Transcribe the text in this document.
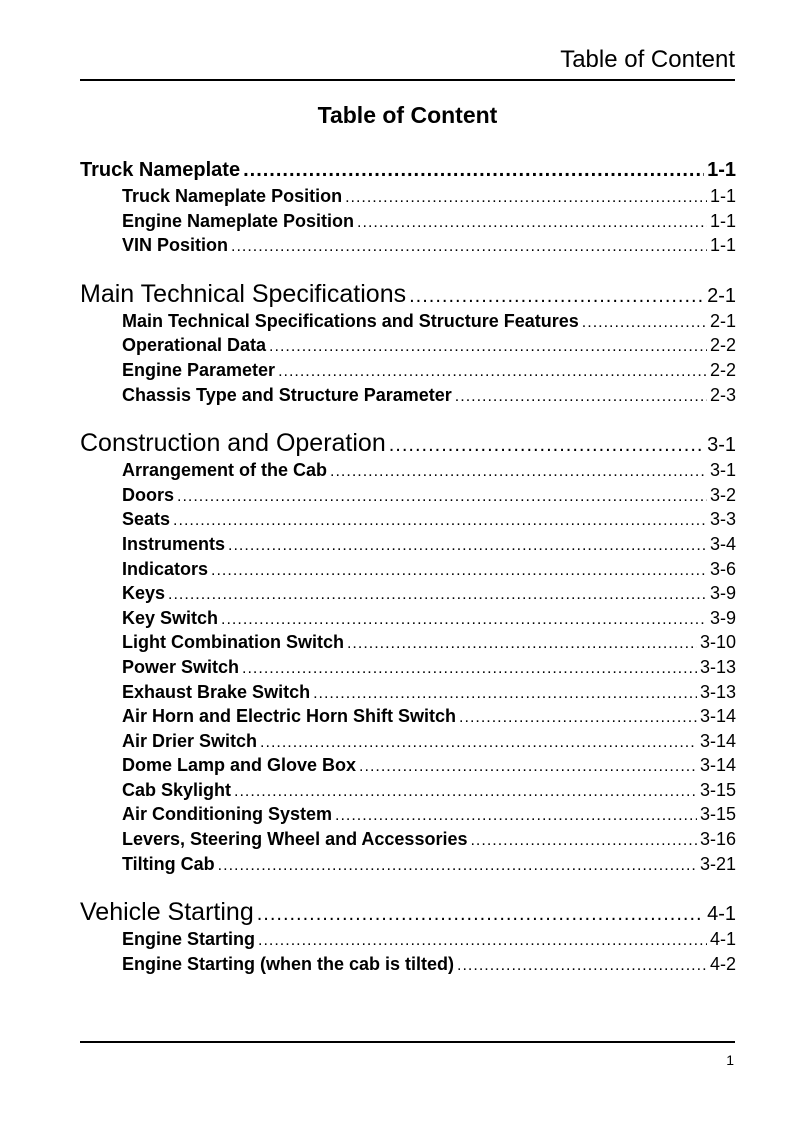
Table of Content
Table of Content
Truck Nameplate .....	1-1
Truck Nameplate Position .....	1-1
Engine Nameplate Position .....	1-1
VIN Position .....	1-1
Main Technical Specifications .....	2-1
Main Technical Specifications and Structure Features .....	2-1
Operational Data .....	2-2
Engine Parameter .....	2-2
Chassis Type and Structure Parameter .....	2-3
Construction and Operation .....	3-1
Arrangement of the Cab .....	3-1
Doors .....	3-2
Seats .....	3-3
Instruments .....	3-4
Indicators .....	3-6
Keys .....	3-9
Key Switch .....	3-9
Light Combination Switch .....	3-10
Power Switch .....	3-13
Exhaust Brake Switch .....	3-13
Air Horn and Electric Horn Shift Switch .....	3-14
Air Drier Switch .....	3-14
Dome Lamp and Glove Box .....	3-14
Cab Skylight .....	3-15
Air Conditioning System .....	3-15
Levers, Steering Wheel and Accessories .....	3-16
Tilting Cab .....	3-21
Vehicle Starting .....	4-1
Engine Starting .....	4-1
Engine Starting (when the cab is tilted) .....	4-2
1
